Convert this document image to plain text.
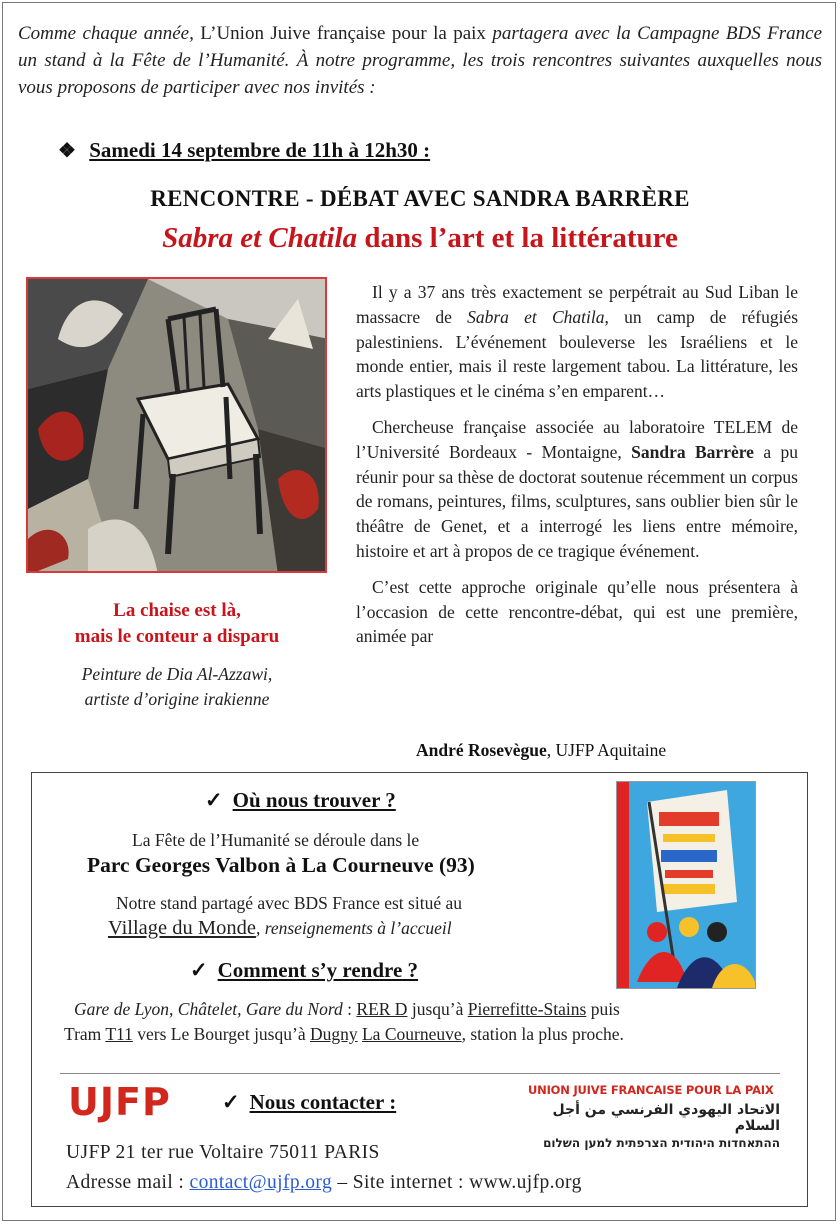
Comme chaque année, L’Union Juive française pour la paix partagera avec la Campagne BDS France un stand à la Fête de l’Humanité. À notre programme, les trois rencontres suivantes auxquelles nous vous proposons de participer avec nos invités :
❖ Samedi 14 septembre de 11h à 12h30 :
RENCONTRE - DÉBAT AVEC SANDRA BARRÈRE
Sabra et Chatila dans l’art et la littérature
La chaise est là,
mais le conteur a disparu
Peinture de Dia Al-Azzawi,
artiste d’origine irakienne

Il y a 37 ans très exactement se perpétrait au Sud Liban le massacre de Sabra et Chatila, un camp de réfugiés palestiniens. L’événement bouleverse les Israéliens et le monde entier, mais il reste largement tabou. La littérature, les arts plastiques et le cinéma s’en emparent…

Chercheuse française associée au laboratoire TELEM de l’Université Bordeaux - Montaigne, Sandra Barrère a pu réunir pour sa thèse de doctorat soutenue récemment un corpus de romans, peintures, films, sculptures, sans oublier bien sûr le théâtre de Genet, et a interrogé les liens entre mémoire, histoire et art à propos de ce tragique événement.

C’est cette approche originale qu’elle nous présentera à l’occasion de cette rencontre-débat, qui est une première, animée par

André Rosevègue, UJFP Aquitaine
✓ Où nous trouver ?
La Fête de l’Humanité se déroule dans le
Parc Georges Valbon à La Courneuve (93)
Notre stand partagé avec BDS France est situé au
Village du Monde, renseignements à l’accueil
✓ Comment s’y rendre ?
Gare de Lyon, Châtelet, Gare du Nord : RER D jusqu’à Pierrefitte-Stains puis
Tram T11 vers Le Bourget jusqu’à Dugny La Courneuve, station la plus proche.
UJFP ✓ Nous contacter :	UNION JUIVE FRANCAISE POUR LA PAIX
الاتحاد اليهودي الفرنسي من أجل السلام
ההתאחדות היהודית הצרפתית למען השלום
UJFP 21 ter rue Voltaire 75011 PARIS
Adresse mail : contact@ujfp.org – Site internet : www.ujfp.org
